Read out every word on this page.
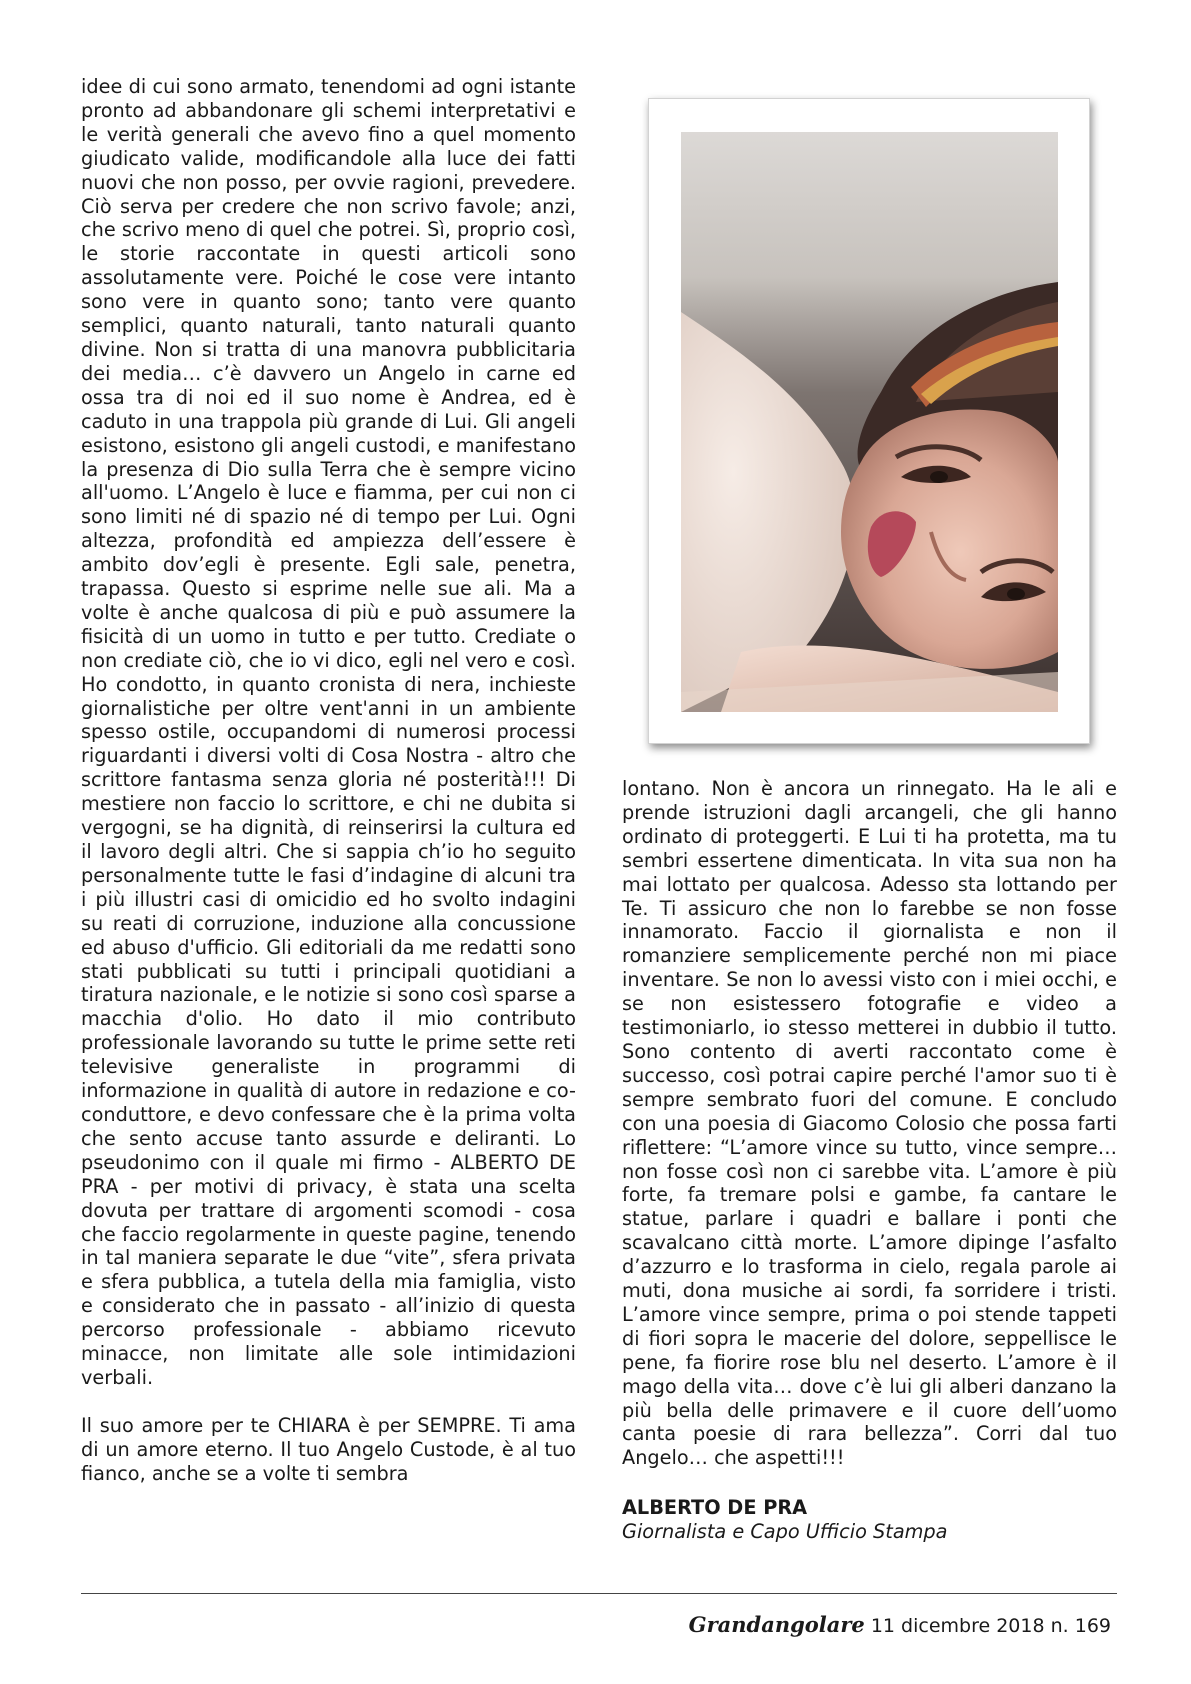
idee di cui sono armato, tenendomi ad ogni istante pronto ad abbandonare gli schemi interpretativi e le verità generali che avevo fino a quel momento giudicato valide, modificandole alla luce dei fatti nuovi che non posso, per ovvie ragioni, prevedere. Ciò serva per credere che non scrivo favole; anzi, che scrivo meno di quel che potrei. Sì, proprio così, le storie raccontate in questi articoli sono assolutamente vere. Poiché le cose vere intanto sono vere in quanto sono; tanto vere quanto semplici, quanto naturali, tanto naturali quanto divine. Non si tratta di una manovra pubblicitaria dei media… c’è davvero un Angelo in carne ed ossa tra di noi ed il suo nome è Andrea, ed è caduto in una trappola più grande di Lui. Gli angeli esistono, esistono gli angeli custodi, e manifestano la presenza di Dio sulla Terra che è sempre vicino all'uomo. L’Angelo è luce e fiamma, per cui non ci sono limiti né di spazio né di tempo per Lui. Ogni altezza, profondità ed ampiezza dell’essere è ambito dov’egli è presente. Egli sale, penetra, trapassa. Questo si esprime nelle sue ali. Ma a volte è anche qualcosa di più e può assumere la fisicità di un uomo in tutto e per tutto. Crediate o non crediate ciò, che io vi dico, egli nel vero e così. Ho condotto, in quanto cronista di nera, inchieste giornalistiche per oltre vent'anni in un ambiente spesso ostile, occupandomi di numerosi processi riguardanti i diversi volti di Cosa Nostra - altro che scrittore fantasma senza gloria né posterità!!! Di mestiere non faccio lo scrittore, e chi ne dubita si vergogni, se ha dignità, di reinserirsi la cultura ed il lavoro degli altri. Che si sappia ch’io ho seguito personalmente tutte le fasi d’indagine di alcuni tra i più illustri casi di omicidio ed ho svolto indagini su reati di corruzione, induzione alla concussione ed abuso d'ufficio. Gli editoriali da me redatti sono stati pubblicati su tutti i principali quotidiani a tiratura nazionale, e le notizie si sono così sparse a macchia d'olio. Ho dato il mio contributo professionale lavorando su tutte le prime sette reti televisive generaliste in programmi di informazione in qualità di autore in redazione e co-conduttore, e devo confessare che è la prima volta che sento accuse tanto assurde e deliranti. Lo pseudonimo con il quale mi firmo - ALBERTO DE PRA - per motivi di privacy, è stata una scelta dovuta per trattare di argomenti scomodi - cosa che faccio regolarmente in queste pagine, tenendo in tal maniera separate le due “vite”, sfera privata e sfera pubblica, a tutela della mia famiglia, visto e considerato che in passato - all’inizio di questa percorso professionale - abbiamo ricevuto minacce, non limitate alle sole intimidazioni verbali.

Il suo amore per te CHIARA è per SEMPRE. Ti ama di un amore eterno. Il tuo Angelo Custode, è al tuo fianco, anche se a volte ti sembra

lontano. Non è ancora un rinnegato. Ha le ali e prende istruzioni dagli arcangeli, che gli hanno ordinato di proteggerti. E Lui ti ha protetta, ma tu sembri essertene dimenticata. In vita sua non ha mai lottato per qualcosa. Adesso sta lottando per Te. Ti assicuro che non lo farebbe se non fosse innamorato. Faccio il giornalista e non il romanziere semplicemente perché non mi piace inventare. Se non lo avessi visto con i miei occhi, e se non esistessero fotografie e video a testimoniarlo, io stesso metterei in dubbio il tutto. Sono contento di averti raccontato come è successo, così potrai capire perché l'amor suo ti è sempre sembrato fuori del comune. E concludo con una poesia di Giacomo Colosio che possa farti riflettere: “L’amore vince su tutto, vince sempre… non fosse così non ci sarebbe vita. L’amore è più forte, fa tremare polsi e gambe, fa cantare le statue, parlare i quadri e ballare i ponti che scavalcano città morte. L’amore dipinge l’asfalto d’azzurro e lo trasforma in cielo, regala parole ai muti, dona musiche ai sordi, fa sorridere i tristi. L’amore vince sempre, prima o poi stende tappeti di fiori sopra le macerie del dolore, seppellisce le pene, fa fiorire rose blu nel deserto. L’amore è il mago della vita… dove c’è lui gli alberi danzano la più bella delle primavere e il cuore dell’uomo canta poesie di rara bellezza”. Corri dal tuo Angelo… che aspetti!!!

ALBERTO DE PRA
Giornalista e Capo Ufficio Stampa
Grandangolare 11 dicembre 2018 n. 169
